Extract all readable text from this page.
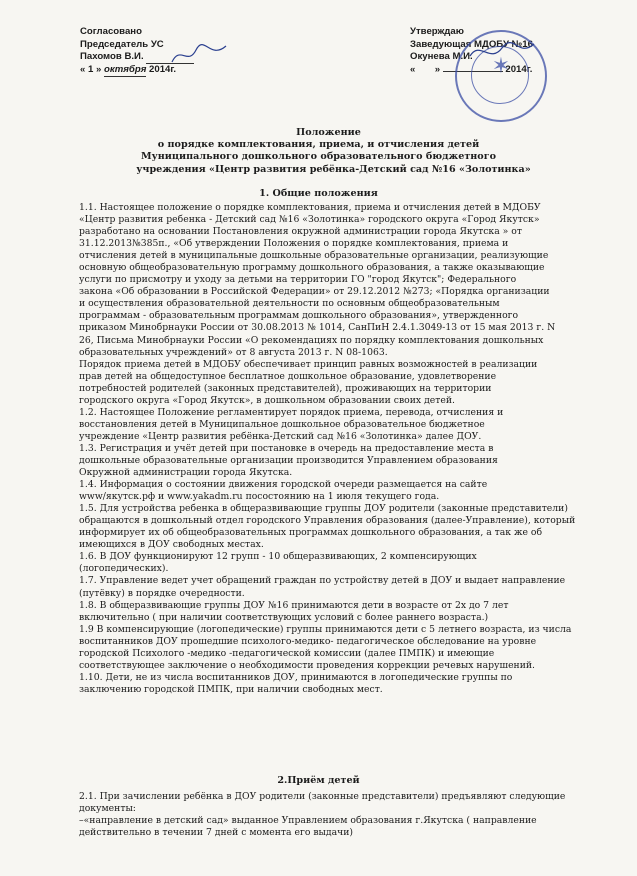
Согласовано
Председатель УС
Пахомов В.И.
« 1 » октября 2014г.
Утверждаю
Заведующая МДОБУ №16
Окунева М.И.
« »	2014г.
✶
Положение
о порядке комплектования, приема, и отчисления детей
Муниципального дошкольного образовательного бюджетного
учреждения «Центр развития ребёнка-Детский сад №16 «Золотинка»
1. Общие положения

1.1. Настоящее положение о порядке комплектования, приема и отчисления детей в МДОБУ

«Центр развития ребенка - Детский сад №16 «Золотинка» городского округа «Город Якутск»

разработано на основании Постановления окружной администрации города Якутска » от

31.12.2013№385п., «Об утверждении Положения о порядке комплектования, приема и

отчисления детей в муниципальные дошкольные образовательные организации, реализующие

основную общеобразовательную программу дошкольного образования, а также оказывающие

услуги по присмотру и уходу за детьми на территории ГО "город Якутск"; Федерального

закона «Об образовании в Российской Федерации» от 29.12.2012 №273; «Порядка организации

и осуществления образовательной деятельности по основным общеобразовательным

программам - образовательным программам дошкольного образования», утвержденного

приказом Минобрнауки России от 30.08.2013 № 1014, СанПиН 2.4.1.3049-13 от 15 мая 2013 г. N

26, Письма Минобрнауки России «О рекомендациях по порядку комплектования дошкольных

образовательных учреждений» от 8 августа 2013 г. N 08-1063.

Порядок приема детей в МДОБУ обеспечивает принцип равных возможностей в реализации

прав детей на общедоступное бесплатное дошкольное образование, удовлетворение

потребностей родителей (законных представителей), проживающих на территории

городского округа «Город Якутск», в дошкольном образовании своих детей.

1.2. Настоящее Положение регламентирует порядок приема, перевода, отчисления и

восстановления детей в Муниципальное дошкольное образовательное бюджетное

учреждение «Центр развития ребёнка-Детский сад №16 «Золотинка» далее ДОУ.

1.3. Регистрация и учёт детей при постановке в очередь на предоставление места в

дошкольные образовательные организации производится Управлением образования

Окружной администрации города Якутска.

1.4. Информация о состоянии движения городской очереди размещается на сайте

www/якутск.рф и www.yakadm.ru посостоянию на 1 июля текущего года.

1.5. Для устройства ребенка в общеразвивающие группы ДОУ родители (законные представители)

обращаются в дошкольный отдел городского Управления образования (далее-Управление), который

информирует их об общеобразовательных программах дошкольного образования, а так же об

имеющихся в ДОУ свободных местах.

1.6. В ДОУ функционируют 12 групп - 10 общеразвивающих, 2 компенсирующих

(логопедических).

1.7. Управление ведет учет обращений граждан по устройству детей в ДОУ и выдает направление

(путёвку) в порядке очередности.

1.8. В общеразвивающие группы ДОУ №16 принимаются дети в возрасте от 2х до 7 лет

включительно ( при наличии соответствующих условий с более раннего возраста.)

1.9 В компенсирующие (логопедические) группы принимаются дети с 5 летнего возраста, из числа

воспитанников ДОУ прошедшие психолого-медико- педагогическое обследование на уровне

городской Психолого -медико -педагогической комиссии (далее ПМПК) и имеющие

соответствующее заключение о необходимости проведения коррекции речевых нарушений.

1.10. Дети, не из числа воспитанников ДОУ, принимаются в логопедические группы по

заключению городской ПМПК, при наличии свободных мест.

2.Приём детей

2.1. При зачислении ребёнка в ДОУ родители (законные представители) предъявляют следующие

документы:

–«направление в детский сад» выданное Управлением образования г.Якутска ( направление

действительно в течении 7 дней с момента его выдачи)
